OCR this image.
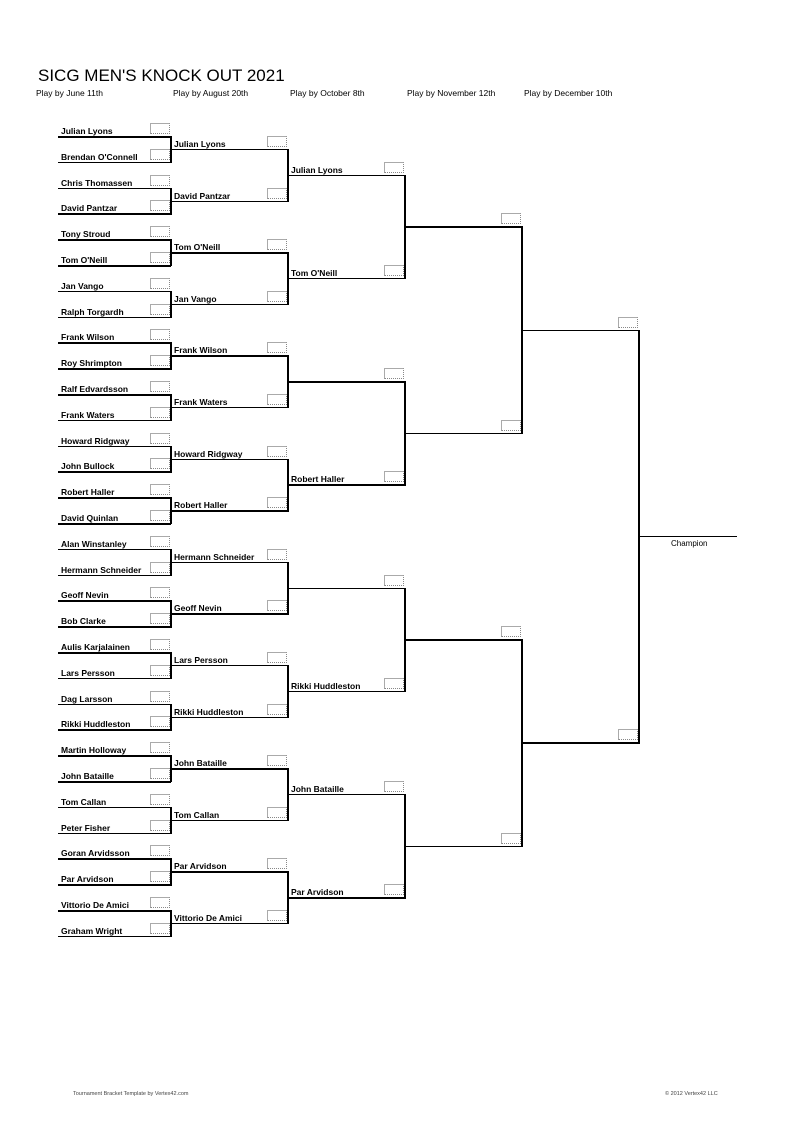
SICG MEN'S KNOCK OUT 2021
Play by June 11th	Play by August 20th	Play by October 8th	Play by November 12th	Play by December 10th
Julian Lyons
Brendan O'Connell
Chris Thomassen
David Pantzar
Tony Stroud
Tom O'Neill
Jan Vango
Ralph Torgardh
Frank Wilson
Roy Shrimpton
Ralf Edvardsson
Frank Waters
Howard Ridgway
John Bullock
Robert Haller
David Quinlan
Alan Winstanley
Hermann Schneider
Geoff Nevin
Bob Clarke
Aulis Karjalainen
Lars Persson
Dag Larsson
Rikki Huddleston
Martin Holloway
John Bataille
Tom Callan
Peter Fisher
Goran Arvidsson
Par Arvidson
Vittorio De Amici
Graham Wright
Julian Lyons
David Pantzar
Tom O'Neill
Jan Vango
Frank Wilson
Frank Waters
Howard Ridgway
Robert Haller
Hermann Schneider
Geoff Nevin
Lars Persson
Rikki Huddleston
John Bataille
Tom Callan
Par Arvidson
Vittorio De Amici
Julian Lyons
Tom O'Neill
Robert Haller
Rikki Huddleston
John Bataille
Par Arvidson
Champion
Tournament Bracket Template by Vertex42.com	© 2012 Vertex42 LLC
